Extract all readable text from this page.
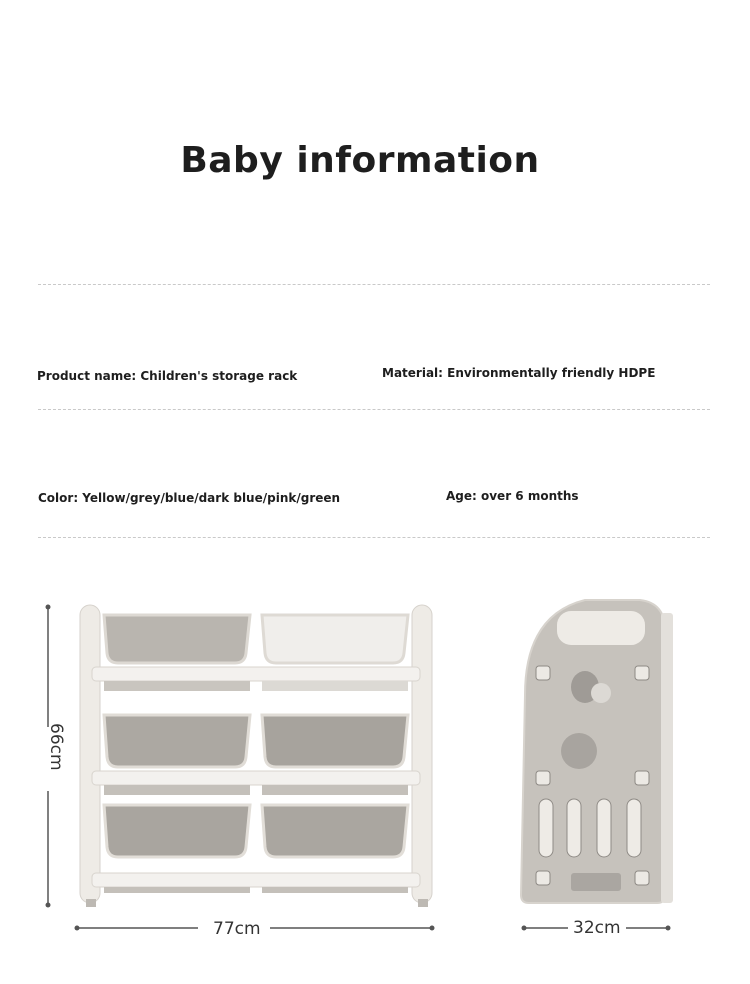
Baby information
Product name: Children's storage rack	Material: Environmentally friendly HDPE
Color: Yellow/grey/blue/dark blue/pink/green	Age: over 6 months
66cm
77cm	32cm
